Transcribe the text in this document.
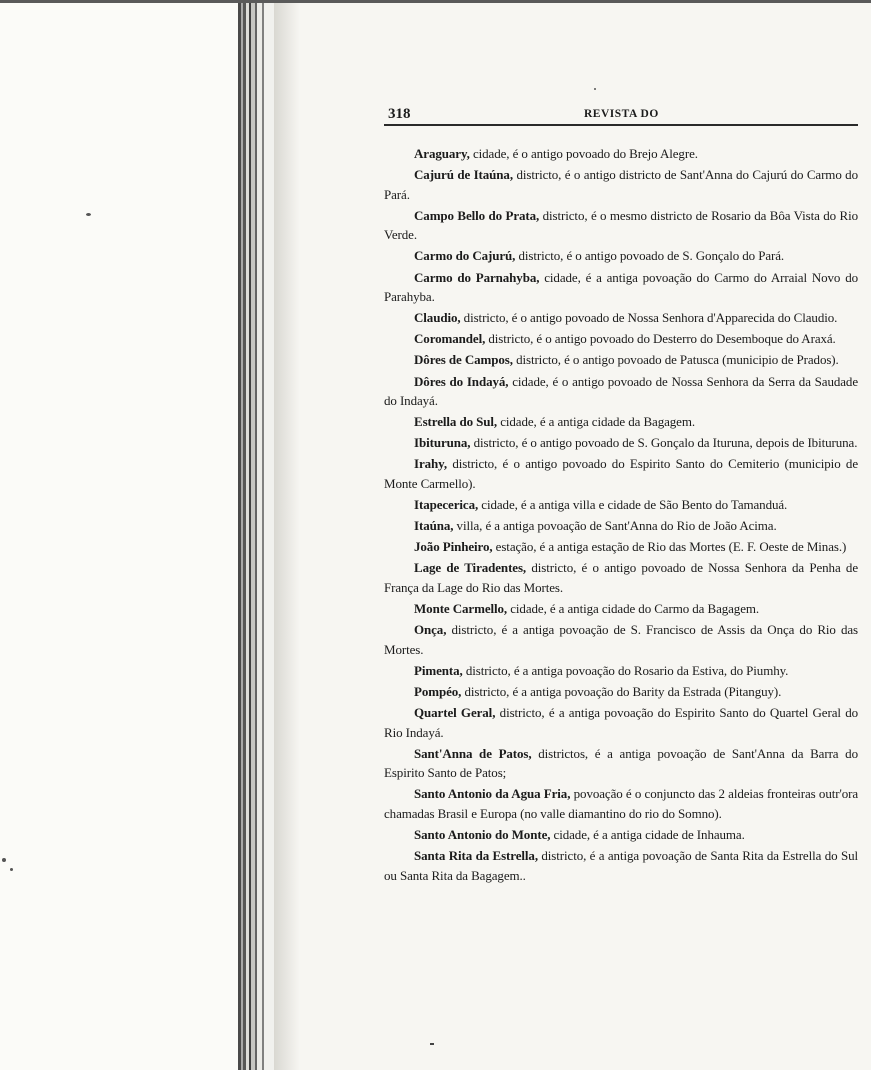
318	REVISTA DO

Araguary, cidade, é o antigo povoado do Brejo Alegre.

Cajurú de Itaúna, districto, é o antigo districto de Sant'Anna do Cajurú do Carmo do Pará.

Campo Bello do Prata, districto, é o mesmo districto de Rosario da Bôa Vista do Rio Verde.

Carmo do Cajurú, districto, é o antigo povoado de S. Gonçalo do Pará.

Carmo do Parnahyba, cidade, é a antiga povoação do Carmo do Arraial Novo do Parahyba.

Claudio, districto, é o antigo povoado de Nossa Senhora d'Apparecida do Claudio.

Coromandel, districto, é o antigo povoado do Desterro do Desemboque do Araxá.

Dôres de Campos, districto, é o antigo povoado de Patusca (municipio de Prados).

Dôres do Indayá, cidade, é o antigo povoado de Nossa Senhora da Serra da Saudade do Indayá.

Estrella do Sul, cidade, é a antiga cidade da Bagagem.

Ibituruna, districto, é o antigo povoado de S. Gonçalo da Ituruna, depois de Ibituruna.

Irahy, districto, é o antigo povoado do Espirito Santo do Cemiterio (municipio de Monte Carmello).

Itapecerica, cidade, é a antiga villa e cidade de São Bento do Tamanduá.

Itaúna, villa, é a antiga povoação de Sant'Anna do Rio de João Acima.

João Pinheiro, estação, é a antiga estação de Rio das Mortes (E. F. Oeste de Minas.)

Lage de Tiradentes, districto, é o antigo povoado de Nossa Senhora da Penha de França da Lage do Rio das Mortes.

Monte Carmello, cidade, é a antiga cidade do Carmo da Bagagem.

Onça, districto, é a antiga povoação de S. Francisco de Assis da Onça do Rio das Mortes.

Pimenta, districto, é a antiga povoação do Rosario da Estiva, do Piumhy.

Pompéo, districto, é a antiga povoação do Barity da Estrada (Pitanguy).

Quartel Geral, districto, é a antiga povoação do Espirito Santo do Quartel Geral do Rio Indayá.

Sant'Anna de Patos, districtos, é a antiga povoação de Sant'Anna da Barra do Espirito Santo de Patos;

Santo Antonio da Agua Fria, povoação é o conjuncto das 2 aldeias fronteiras outr'ora chamadas Brasil e Europa (no valle diamantino do rio do Somno).

Santo Antonio do Monte, cidade, é a antiga cidade de Inhauma.

Santa Rita da Estrella, districto, é a antiga povoação de Santa Rita da Estrella do Sul ou Santa Rita da Bagagem..
